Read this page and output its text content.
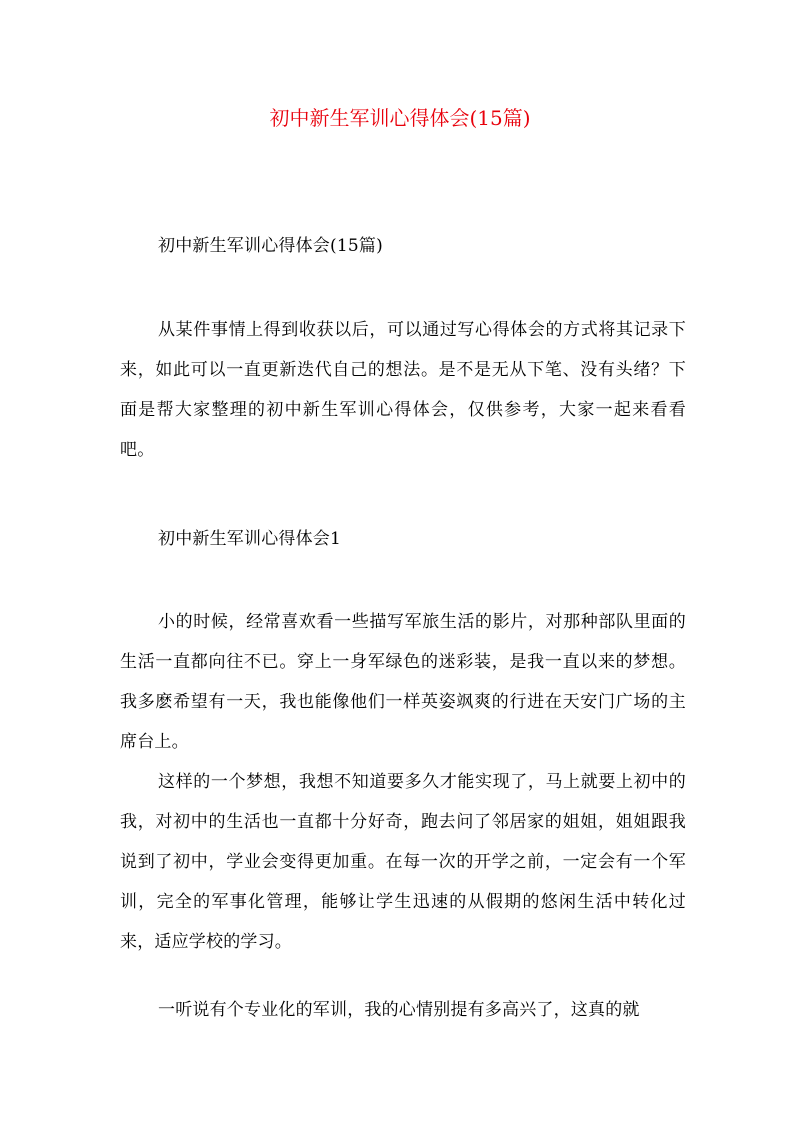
初中新生军训心得体会(15篇)

初中新生军训心得体会(15篇)

从某件事情上得到收获以后，可以通过写心得体会的方式将其记录下来，如此可以一直更新迭代自己的想法。是不是无从下笔、没有头绪？下面是帮大家整理的初中新生军训心得体会，仅供参考，大家一起来看看吧。

初中新生军训心得体会1

小的时候，经常喜欢看一些描写军旅生活的影片，对那种部队里面的生活一直都向往不已。穿上一身军绿色的迷彩装，是我一直以来的梦想。我多麽希望有一天，我也能像他们一样英姿飒爽的行进在天安门广场的主席台上。

这样的一个梦想，我想不知道要多久才能实现了，马上就要上初中的我，对初中的生活也一直都十分好奇，跑去问了邻居家的姐姐，姐姐跟我说到了初中，学业会变得更加重。在每一次的开学之前，一定会有一个军训，完全的军事化管理，能够让学生迅速的从假期的悠闲生活中转化过来，适应学校的学习。

一听说有个专业化的军训，我的心情别提有多高兴了，这真的就
